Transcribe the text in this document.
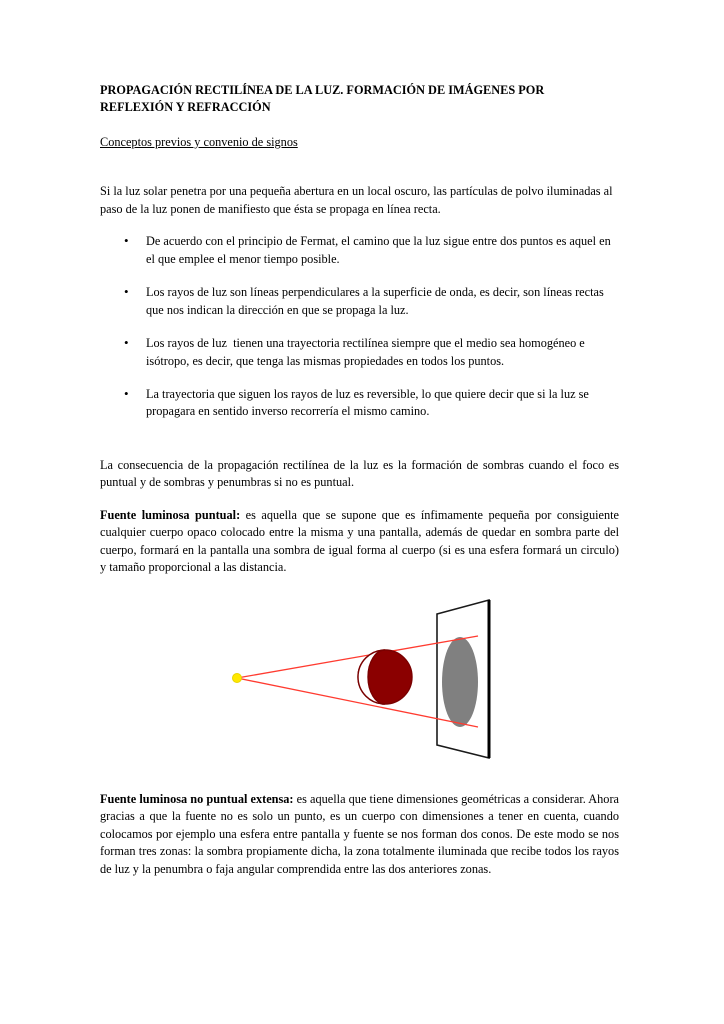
PROPAGACIÓN RECTILÍNEA DE LA LUZ. FORMACIÓN DE IMÁGENES POR REFLEXIÓN Y REFRACCIÓN
Conceptos previos y convenio de signos

Si la luz solar penetra por una pequeña abertura en un local oscuro, las partículas de polvo iluminadas al paso de la luz ponen de manifiesto que ésta se propaga en línea recta.

• De acuerdo con el principio de Fermat, el camino que la luz sigue entre dos puntos es aquel en el que emplee el menor tiempo posible.
• Los rayos de luz son líneas perpendiculares a la superficie de onda, es decir, son líneas rectas que nos indican la dirección en que se propaga la luz.
• Los rayos de luz  tienen una trayectoria rectilínea siempre que el medio sea homogéneo e isótropo, es decir, que tenga las mismas propiedades en todos los puntos.
• La trayectoria que siguen los rayos de luz es reversible, lo que quiere decir que si la luz se propagara en sentido inverso recorrería el mismo camino.

La consecuencia de la propagación rectilínea de la luz es la formación de sombras cuando el foco es puntual y de sombras y penumbras si no es puntual.

Fuente luminosa puntual: es aquella que se supone que es ínfimamente pequeña por consiguiente cualquier cuerpo opaco colocado entre la misma y una pantalla, además de quedar en sombra parte del cuerpo, formará en la pantalla una sombra de igual forma al cuerpo (si es una esfera formará un circulo) y tamaño proporcional a las distancia.

Fuente luminosa no puntual extensa: es aquella que tiene dimensiones geométricas a considerar. Ahora gracias a que la fuente no es solo un punto, es un cuerpo con dimensiones a tener en cuenta, cuando colocamos por ejemplo una esfera entre pantalla y fuente se nos forman dos conos. De este modo se nos forman tres zonas: la sombra propiamente dicha, la zona totalmente iluminada que recibe todos los rayos de luz y la penumbra o faja angular comprendida entre las dos anteriores zonas.
